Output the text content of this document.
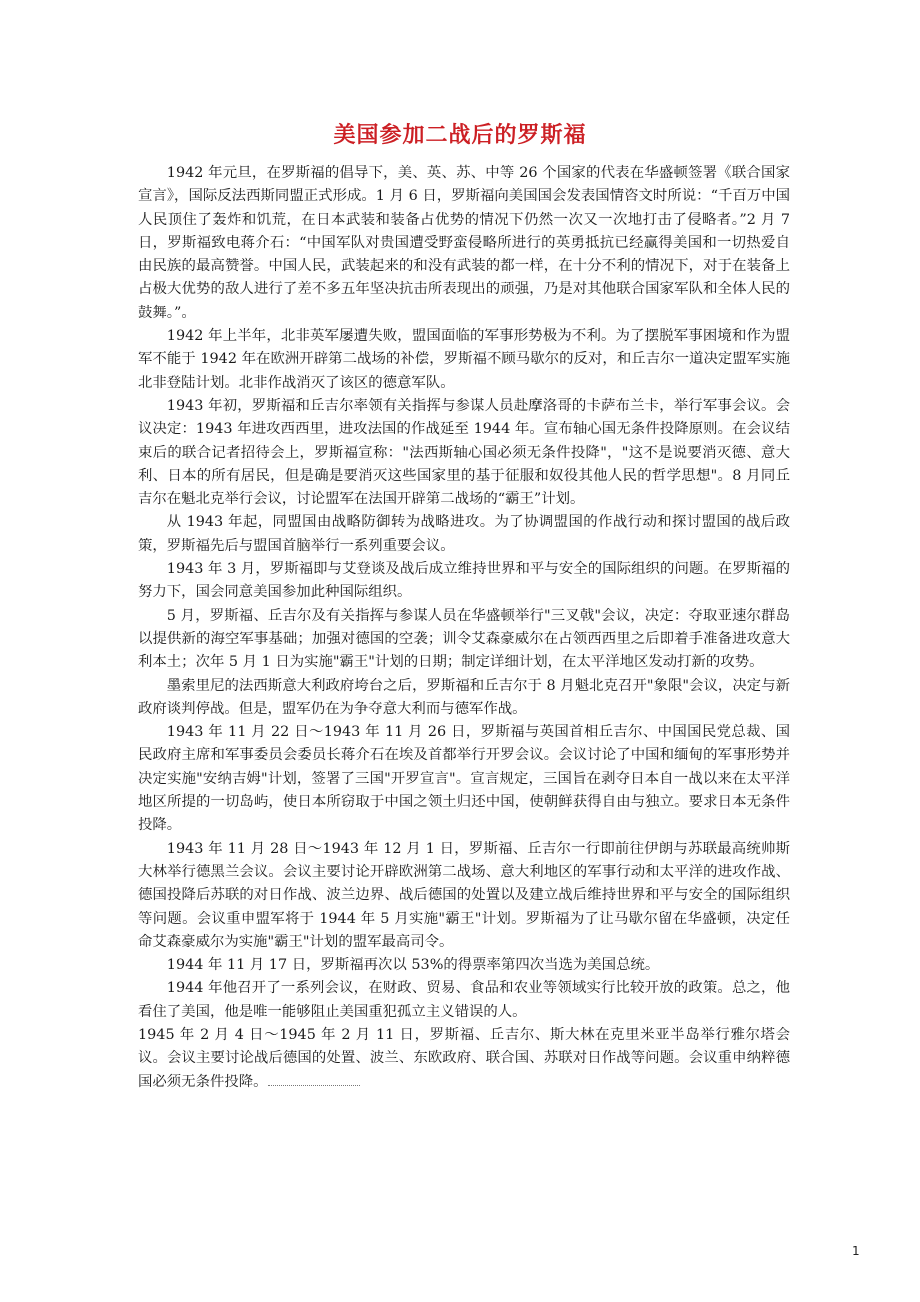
美国参加二战后的罗斯福

1942 年元旦，在罗斯福的倡导下，美、英、苏、中等 26 个国家的代表在华盛顿签署《联合国家宣言》，国际反法西斯同盟正式形成。1 月 6 日，罗斯福向美国国会发表国情咨文时所说：“千百万中国人民顶住了轰炸和饥荒，在日本武装和装备占优势的情况下仍然一次又一次地打击了侵略者。”2 月 7 日，罗斯福致电蒋介石：“中国军队对贵国遭受野蛮侵略所进行的英勇抵抗已经赢得美国和一切热爱自由民族的最高赞誉。中国人民，武装起来的和没有武装的都一样，在十分不利的情况下，对于在装备上占极大优势的敌人进行了差不多五年坚决抗击所表现出的顽强，乃是对其他联合国家军队和全体人民的鼓舞。”。

1942 年上半年，北非英军屡遭失败，盟国面临的军事形势极为不利。为了摆脱军事困境和作为盟军不能于 1942 年在欧洲开辟第二战场的补偿，罗斯福不顾马歇尔的反对，和丘吉尔一道决定盟军实施北非登陆计划。北非作战消灭了该区的德意军队。

1943 年初，罗斯福和丘吉尔率领有关指挥与参谋人员赴摩洛哥的卡萨布兰卡，举行军事会议。会议决定：1943 年进攻西西里，进攻法国的作战延至 1944 年。宣布轴心国无条件投降原则。在会议结束后的联合记者招待会上，罗斯福宣称："法西斯轴心国必须无条件投降"，"这不是说要消灭德、意大利、日本的所有居民，但是确是要消灭这些国家里的基于征服和奴役其他人民的哲学思想"。8 月同丘吉尔在魁北克举行会议，讨论盟军在法国开辟第二战场的“霸王”计划。

从 1943 年起，同盟国由战略防御转为战略进攻。为了协调盟国的作战行动和探讨盟国的战后政策，罗斯福先后与盟国首脑举行一系列重要会议。

1943 年 3 月，罗斯福即与艾登谈及战后成立维持世界和平与安全的国际组织的问题。在罗斯福的努力下，国会同意美国参加此种国际组织。

5 月，罗斯福、丘吉尔及有关指挥与参谋人员在华盛顿举行"三叉戟"会议，决定：夺取亚速尔群岛以提供新的海空军事基础；加强对德国的空袭；训令艾森豪威尔在占领西西里之后即着手准备进攻意大利本土；次年 5 月 1 日为实施"霸王"计划的日期；制定详细计划，在太平洋地区发动打新的攻势。

墨索里尼的法西斯意大利政府垮台之后，罗斯福和丘吉尔于 8 月魁北克召开"象限"会议，决定与新政府谈判停战。但是，盟军仍在为争夺意大利而与德军作战。

1943 年 11 月 22 日～1943 年 11 月 26 日，罗斯福与英国首相丘吉尔、中国国民党总裁、国民政府主席和军事委员会委员长蒋介石在埃及首都举行开罗会议。会议讨论了中国和缅甸的军事形势并决定实施"安纳吉姆"计划，签署了三国"开罗宣言"。宣言规定，三国旨在剥夺日本自一战以来在太平洋地区所提的一切岛屿，使日本所窃取于中国之领土归还中国，使朝鲜获得自由与独立。要求日本无条件投降。

1943 年 11 月 28 日～1943 年 12 月 1 日，罗斯福、丘吉尔一行即前往伊朗与苏联最高统帅斯大林举行德黑兰会议。会议主要讨论开辟欧洲第二战场、意大利地区的军事行动和太平洋的进攻作战、德国投降后苏联的对日作战、波兰边界、战后德国的处置以及建立战后维持世界和平与安全的国际组织等问题。会议重申盟军将于 1944 年 5 月实施"霸王"计划。罗斯福为了让马歇尔留在华盛顿，决定任命艾森豪威尔为实施"霸王"计划的盟军最高司令。

1944 年 11 月 17 日，罗斯福再次以 53%的得票率第四次当选为美国总统。

1944 年他召开了一系列会议，在财政、贸易、食品和农业等领域实行比较开放的政策。总之，他看住了美国，他是唯一能够阻止美国重犯孤立主义错误的人。

1945 年 2 月 4 日～1945 年 2 月 11 日，罗斯福、丘吉尔、斯大林在克里米亚半岛举行雅尔塔会议。会议主要讨论战后德国的处置、波兰、东欧政府、联合国、苏联对日作战等问题。会议重申纳粹德国必须无条件投降。

1
